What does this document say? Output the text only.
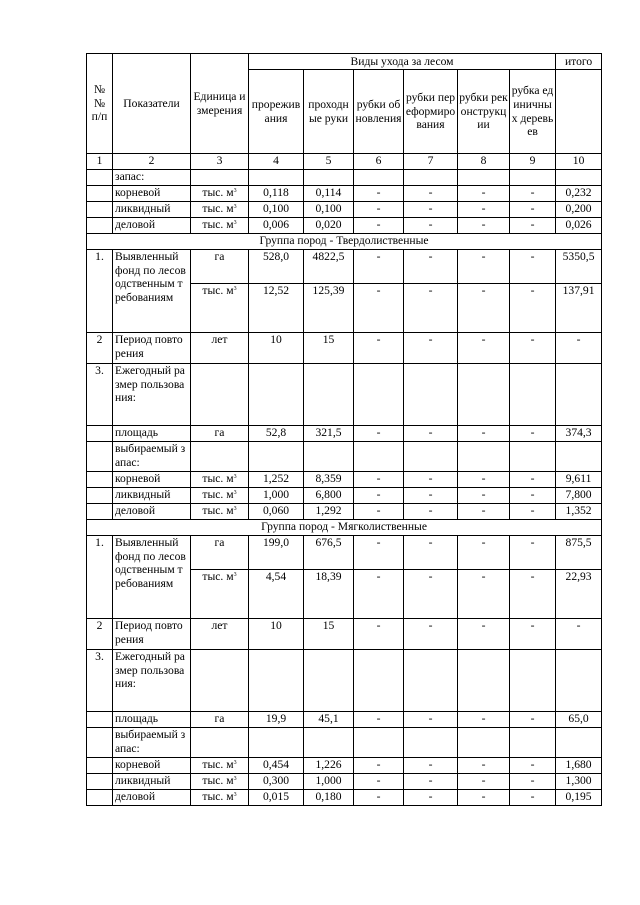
№ № п/п	Показатели	Единица измерения	Виды ухода за лесом						итого
			прореживания	проходные руки	рубки обновления	рубки переформирования	рубки реконструкции	рубка единичных деревьев	
1	2	3	4	5	6	7	8	9	10
	запас:								
	корневой	тыс. $м^3$	0,118	0,114	-	-	-	-	0,232
	ликвидный	тыс. $м^3$	0,100	0,100	-	-	-	-	0,200
	деловой	тыс. $м^3$	0,006	0,020	-	-	-	-	0,026
Группа пород - Твердолиственные									
1.	Выявленный фонд по лесоводственным требованиям	га	528,0	4822,5	-	-	-	-	5350,5
		тыс. $м^3$	12,52	125,39	-	-	-	-	137,91
2	Период повторения	лет	10	15	-	-	-	-	-
3.	Ежегодный размер пользования:								
	площадь	га	52,8	321,5	-	-	-	-	374,3
	выбираемый запас:								
	корневой	тыс. $м^3$	1,252	8,359	-	-	-	-	9,611
	ликвидный	тыс. $м^3$	1,000	6,800	-	-	-	-	7,800
	деловой	тыс. $м^3$	0,060	1,292	-	-	-	-	1,352
Группа пород - Мягколиственные									
1.	Выявленный фонд по лесоводственным требованиям	га	199,0	676,5	-	-	-	-	875,5
		тыс. $м^3$	4,54	18,39	-	-	-	-	22,93
2	Период повторения	лет	10	15	-	-	-	-	-
3.	Ежегодный размер пользования:								
	площадь	га	19,9	45,1	-	-	-	-	65,0
	выбираемый запас:								
	корневой	тыс. $м^3$	0,454	1,226	-	-	-	-	1,680
	ликвидный	тыс. $м^3$	0,300	1,000	-	-	-	-	1,300
	деловой	тыс. $м^3$	0,015	0,180	-	-	-	-	0,195
